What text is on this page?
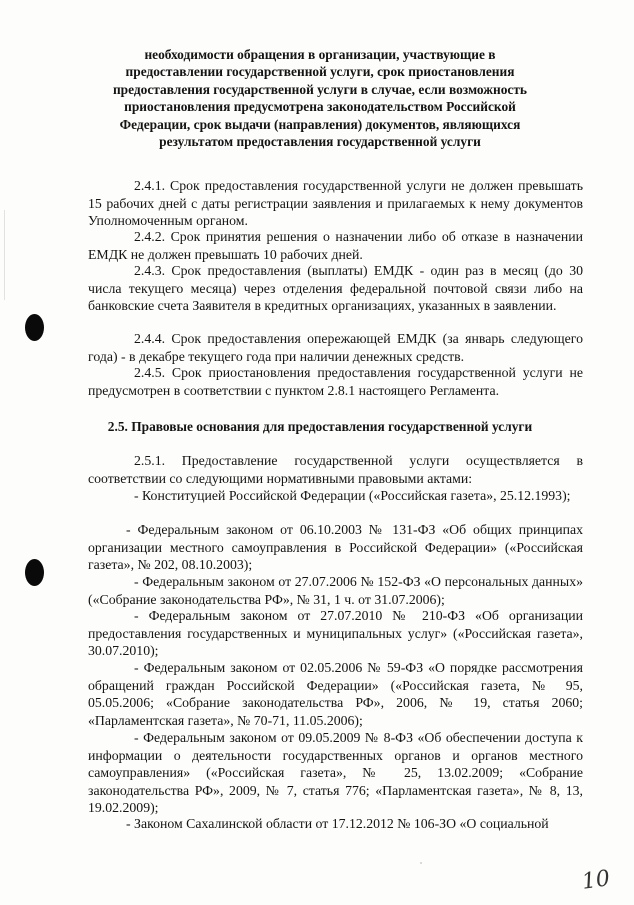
необходимости обращения в организации, участвующие в предоставлении государственной услуги, срок приостановления предоставления государственной услуги в случае, если возможность приостановления предусмотрена законодательством Российской Федерации, срок выдачи (направления) документов, являющихся результатом предоставления государственной услуги
2.4.1. Срок предоставления государственной услуги не должен превышать 15 рабочих дней с даты регистрации заявления и прилагаемых к нему документов Уполномоченным органом.
2.4.2. Срок принятия решения о назначении либо об отказе в назначении ЕМДК не должен превышать 10 рабочих дней.
2.4.3. Срок предоставления (выплаты) ЕМДК - один раз в месяц (до 30 числа текущего месяца) через отделения федеральной почтовой связи либо на банковские счета Заявителя в кредитных организациях, указанных в заявлении.
2.4.4. Срок предоставления опережающей ЕМДК (за январь следующего года) - в декабре текущего года при наличии денежных средств.
2.4.5. Срок приостановления предоставления государственной услуги не предусмотрен в соответствии с пунктом 2.8.1 настоящего Регламента.
2.5. Правовые основания для предоставления государственной услуги
2.5.1. Предоставление государственной услуги осуществляется в соответствии со следующими нормативными правовыми актами:
- Конституцией Российской Федерации («Российская газета», 25.12.1993);
- Федеральным законом от 06.10.2003 № 131-ФЗ «Об общих принципах организации местного самоуправления в Российской Федерации» («Российская газета», № 202, 08.10.2003);
- Федеральным законом от 27.07.2006 № 152-ФЗ «О персональных данных» («Собрание законодательства РФ», № 31, 1 ч. от 31.07.2006);
- Федеральным законом от 27.07.2010 № 210-ФЗ «Об организации предоставления государственных и муниципальных услуг» («Российская газета», 30.07.2010);
- Федеральным законом от 02.05.2006 № 59-ФЗ «О порядке рассмотрения обращений граждан Российской Федерации» («Российская газета, № 95, 05.05.2006; «Собрание законодательства РФ», 2006, № 19, статья 2060; «Парламентская газета», № 70-71, 11.05.2006);
- Федеральным законом от 09.05.2009 № 8-ФЗ «Об обеспечении доступа к информации о деятельности государственных органов и органов местного самоуправления» («Российская газета», № 25, 13.02.2009; «Собрание законодательства РФ», 2009, № 7, статья 776; «Парламентская газета», № 8, 13, 19.02.2009);
- Законом Сахалинской области от 17.12.2012 № 106-ЗО «О социальной
10
